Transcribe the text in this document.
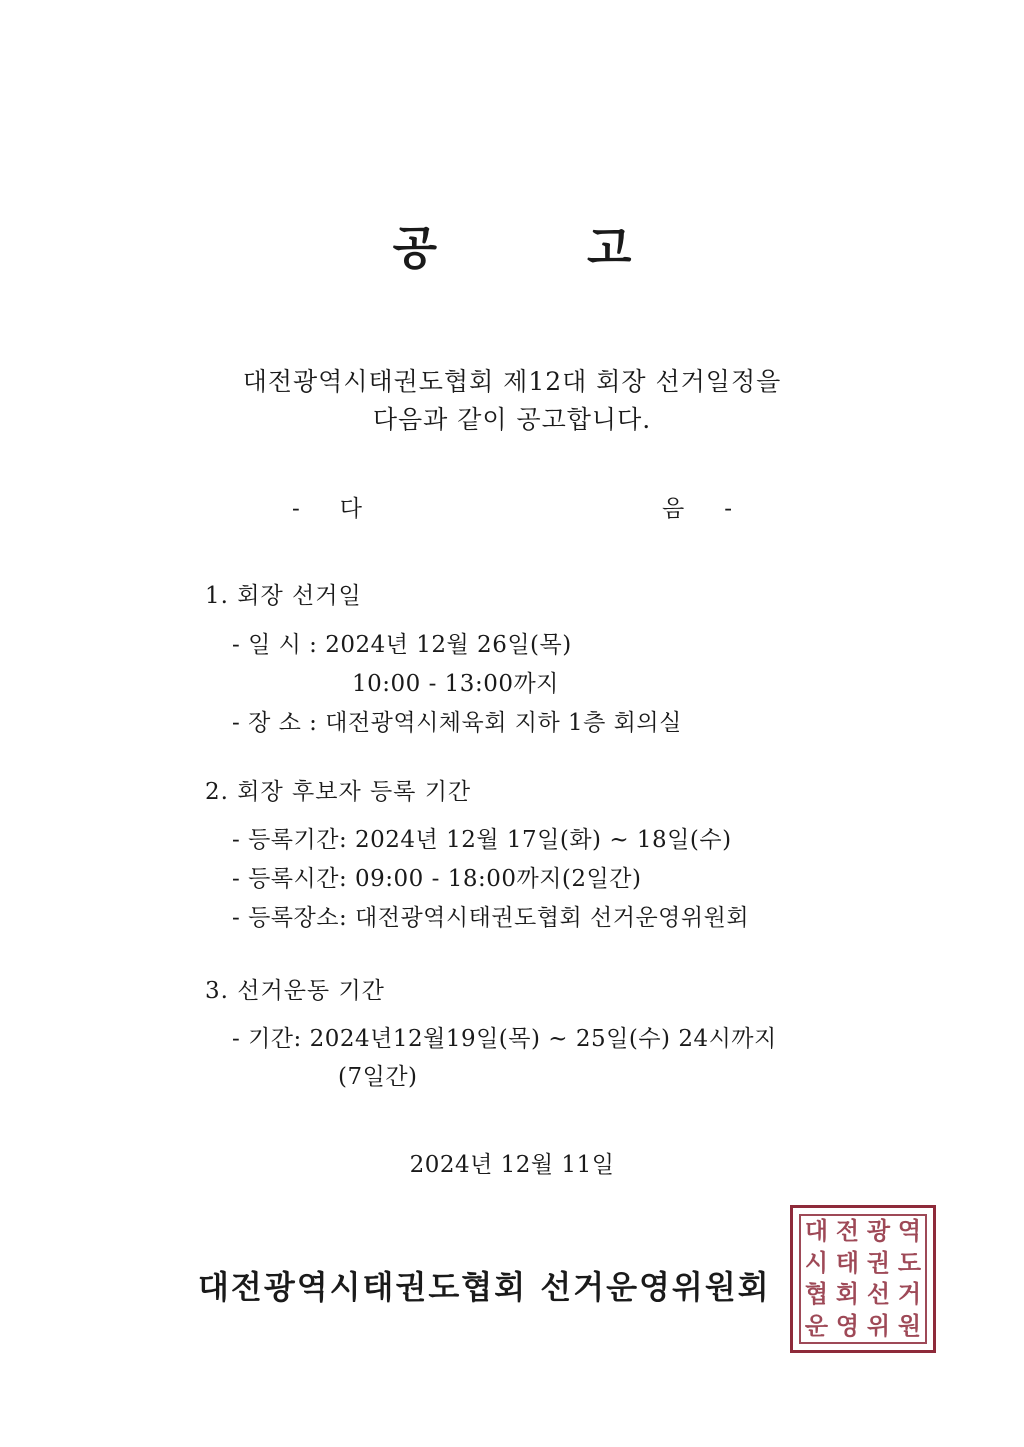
공	고
대전광역시태권도협회 제12대 회장 선거일정을
다음과 같이 공고합니다.
- 다	음 -
1. 회장 선거일
- 일 시 : 2024년 12월 26일(목)
10:00 - 13:00까지
- 장 소 : 대전광역시체육회 지하 1층 회의실
2. 회장 후보자 등록 기간
- 등록기간: 2024년 12월 17일(화) ~ 18일(수)
- 등록시간: 09:00 - 18:00까지(2일간)
- 등록장소: 대전광역시태권도협회 선거운영위원회
3. 선거운동 기간
- 기간: 2024년12월19일(목) ~ 25일(수) 24시까지
(7일간)
2024년 12월 11일
대 전 광 역
시 태 권 도
협 회 선 거
운 영 위 원
대전광역시태권도협회 선거운영위원회
